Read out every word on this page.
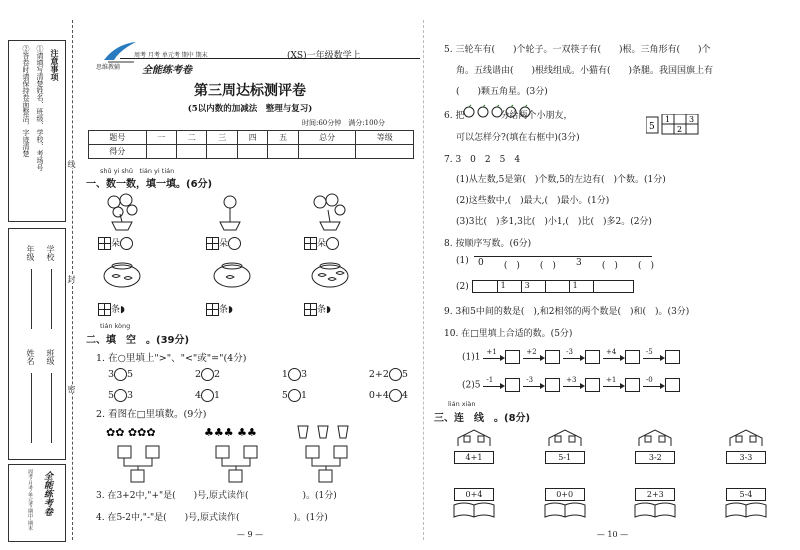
注意事项
①请填写清楚姓名、班级、学校、考场号
②答卷时请保持卷面整洁，字迹清楚
学校
年级
班级
姓名
全能练考卷
周考·月考·单元考·期中·期末
线
封
密
思维教辅
周考 月考 单元考 期中 期末
全能练考卷
(XS)一年级数学上
第三周达标测评卷
(5以内数的加减法　整理与复习)
时间:60分钟　满分:100分
题号	一	二	三	四	五	总分	等级
得分							
shǔ yi shǔ　tián yi tián
一、数一数，填一填。(6分)
朵	朵	朵
条◗	条◗	条◗
tián kòng
二、填　空　。(39分)
1. 在○里填上">"、"<"或"="(4分)
3 5	2 2	1 3	2+2 5
5 3	4 1	5 1	0+4 4
2. 看图在□里填数。(9分)
✿✿ ✿✿✿	♣♣♣ ♣♣
3. 在3+2中,"+"是(　　)号,原式读作(　　　　　　)。(1分)
4. 在5-2中,"-"是(　　)号,原式读作(　　　　　　)。(1分)
— 9 —
5. 三轮车有(　　)个轮子。一双筷子有(　　)根。三角形有(　　)个
角。五线谱由(　　)根线组成。小猫有(　　)条腿。我国国旗上有
(　　)颗五角星。(3分)
6. 把　　　　分给两个小朋友，
可以怎样分?(填在右框中)(3分)
5
1 3
2
7. 3　0　2　5　4
(1)从左数,5是第(　)个数,5的左边有(　)个数。(1分)
(2)这些数中,(　)最大,(　)最小。(1分)
(3)3比(　)多1,3比(　)小1,(　)比(　)多2。(2分)
8. 按顺序写数。(6分)
(1) 0 (　) (　) 3 (　) (　)
(2)	1 3	1
9. 3和5中间的数是(　),和2相邻的两个数是(　)和(　)。(3分)
10. 在□里填上合适的数。(5分)
(1)1
+1
	+2
	-3
	+4
	-5
(2)5
-1
	-3
	+3
	+1
	-0
lián xiàn
三、连　线　。(8分)
4+1	5-1	3-2	3-3
0+4	0+0	2+3	5-4
— 10 —
